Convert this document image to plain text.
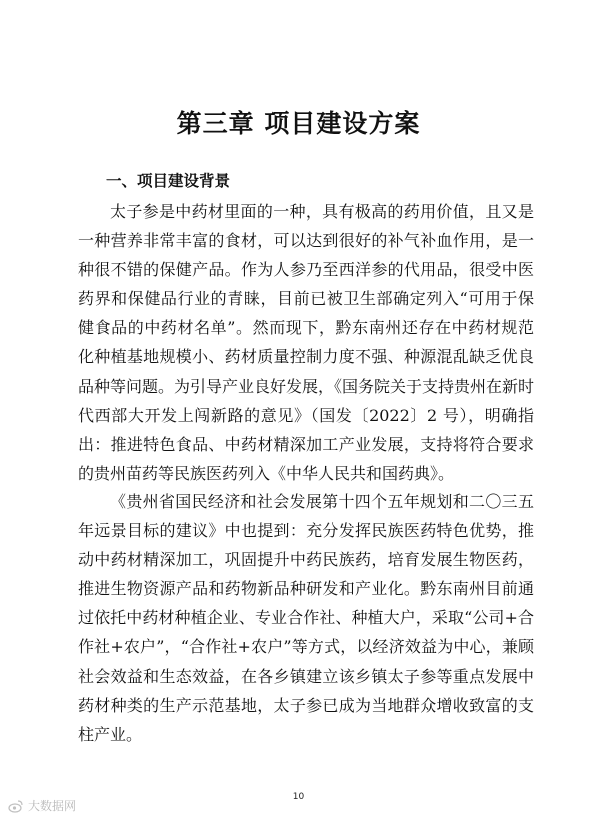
第三章 项目建设方案
一、项目建设背景

太子参是中药材里面的一种，具有极高的药用价值，且又是一种营养非常丰富的食材，可以达到很好的补气补血作用，是一种很不错的保健产品。作为人参乃至西洋参的代用品，很受中医药界和保健品行业的青睐，目前已被卫生部确定列入“可用于保健食品的中药材名单”。然而现下，黔东南州还存在中药材规范化种植基地规模小、药材质量控制力度不强、种源混乱缺乏优良品种等问题。为引导产业良好发展，《国务院关于支持贵州在新时代西部大开发上闯新路的意见》（国发〔2022〕2 号），明确指出：推进特色食品、中药材精深加工产业发展，支持将符合要求的贵州苗药等民族医药列入《中华人民共和国药典》。

《贵州省国民经济和社会发展第十四个五年规划和二〇三五年远景目标的建议》中也提到：充分发挥民族医药特色优势，推动中药材精深加工，巩固提升中药民族药，培育发展生物医药，推进生物资源产品和药物新品种研发和产业化。黔东南州目前通过依托中药材种植企业、专业合作社、种植大户，采取“公司+合作社+农户”，“合作社+农户”等方式，以经济效益为中心，兼顾社会效益和生态效益，在各乡镇建立该乡镇太子参等重点发展中药材种类的生产示范基地，太子参已成为当地群众增收致富的支柱产业。

10
大数据网
